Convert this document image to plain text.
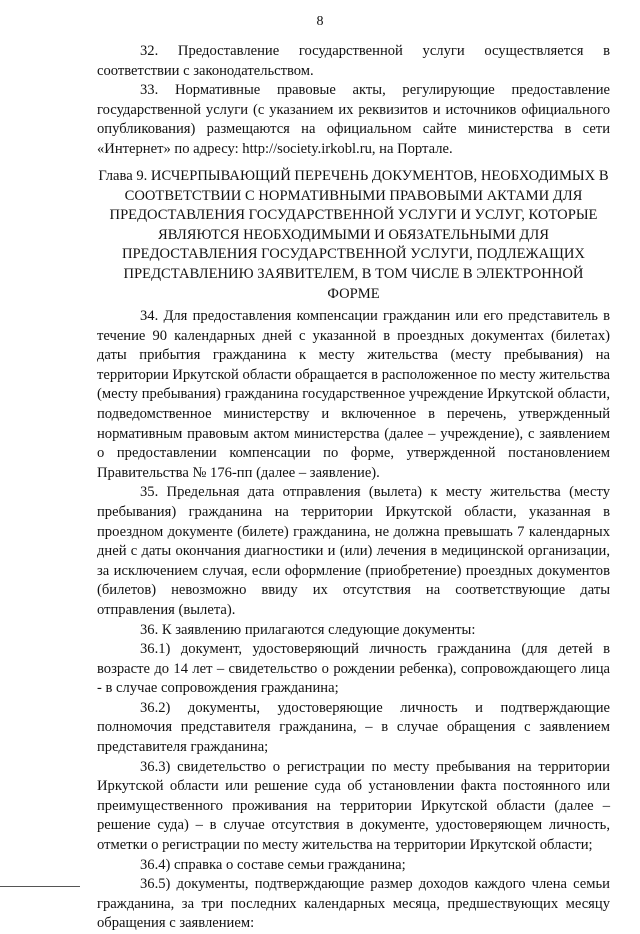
8

32. Предоставление государственной услуги осуществляется в соответствии с законодательством.

33. Нормативные правовые акты, регулирующие предоставление государственной услуги (с указанием их реквизитов и источников официального опубликования) размещаются на официальном сайте министерства в сети «Интернет» по адресу: http://society.irkobl.ru, на Портале.

Глава 9. ИСЧЕРПЫВАЮЩИЙ ПЕРЕЧЕНЬ ДОКУМЕНТОВ, НЕОБХОДИМЫХ В СООТВЕТСТВИИ С НОРМАТИВНЫМИ ПРАВОВЫМИ АКТАМИ ДЛЯ ПРЕДОСТАВЛЕНИЯ ГОСУДАРСТВЕННОЙ УСЛУГИ И УСЛУГ, КОТОРЫЕ ЯВЛЯЮТСЯ НЕОБХОДИМЫМИ И ОБЯЗАТЕЛЬНЫМИ ДЛЯ ПРЕДОСТАВЛЕНИЯ ГОСУДАРСТВЕННОЙ УСЛУГИ, ПОДЛЕЖАЩИХ ПРЕДСТАВЛЕНИЮ ЗАЯВИТЕЛЕМ, В ТОМ ЧИСЛЕ В ЭЛЕКТРОННОЙ ФОРМЕ

34. Для предоставления компенсации гражданин или его представитель в течение 90 календарных дней с указанной в проездных документах (билетах) даты прибытия гражданина к месту жительства (месту пребывания) на территории Иркутской области обращается в расположенное по месту жительства (месту пребывания) гражданина государственное учреждение Иркутской области, подведомственное министерству и включенное в перечень, утвержденный нормативным правовым актом министерства (далее – учреждение), с заявлением о предоставлении компенсации по форме, утвержденной постановлением Правительства № 176-пп (далее – заявление).

35. Предельная дата отправления (вылета) к месту жительства (месту пребывания) гражданина на территории Иркутской области, указанная в проездном документе (билете) гражданина, не должна превышать 7 календарных дней с даты окончания диагностики и (или) лечения в медицинской организации, за исключением случая, если оформление (приобретение) проездных документов (билетов) невозможно ввиду их отсутствия на соответствующие даты отправления (вылета).

36. К заявлению прилагаются следующие документы:

36.1) документ, удостоверяющий личность гражданина (для детей в возрасте до 14 лет – свидетельство о рождении ребенка), сопровождающего лица - в случае сопровождения гражданина;

36.2) документы, удостоверяющие личность и подтверждающие полномочия представителя гражданина, – в случае обращения с заявлением представителя гражданина;

36.3) свидетельство о регистрации по месту пребывания на территории Иркутской области или решение суда об установлении факта постоянного или преимущественного проживания на территории Иркутской области (далее – решение суда) – в случае отсутствия в документе, удостоверяющем личность, отметки о регистрации по месту жительства на территории Иркутской области;

36.4) справка о составе семьи гражданина;

36.5) документы, подтверждающие размер доходов каждого члена семьи гражданина, за три последних календарных месяца, предшествующих месяцу обращения с заявлением:
